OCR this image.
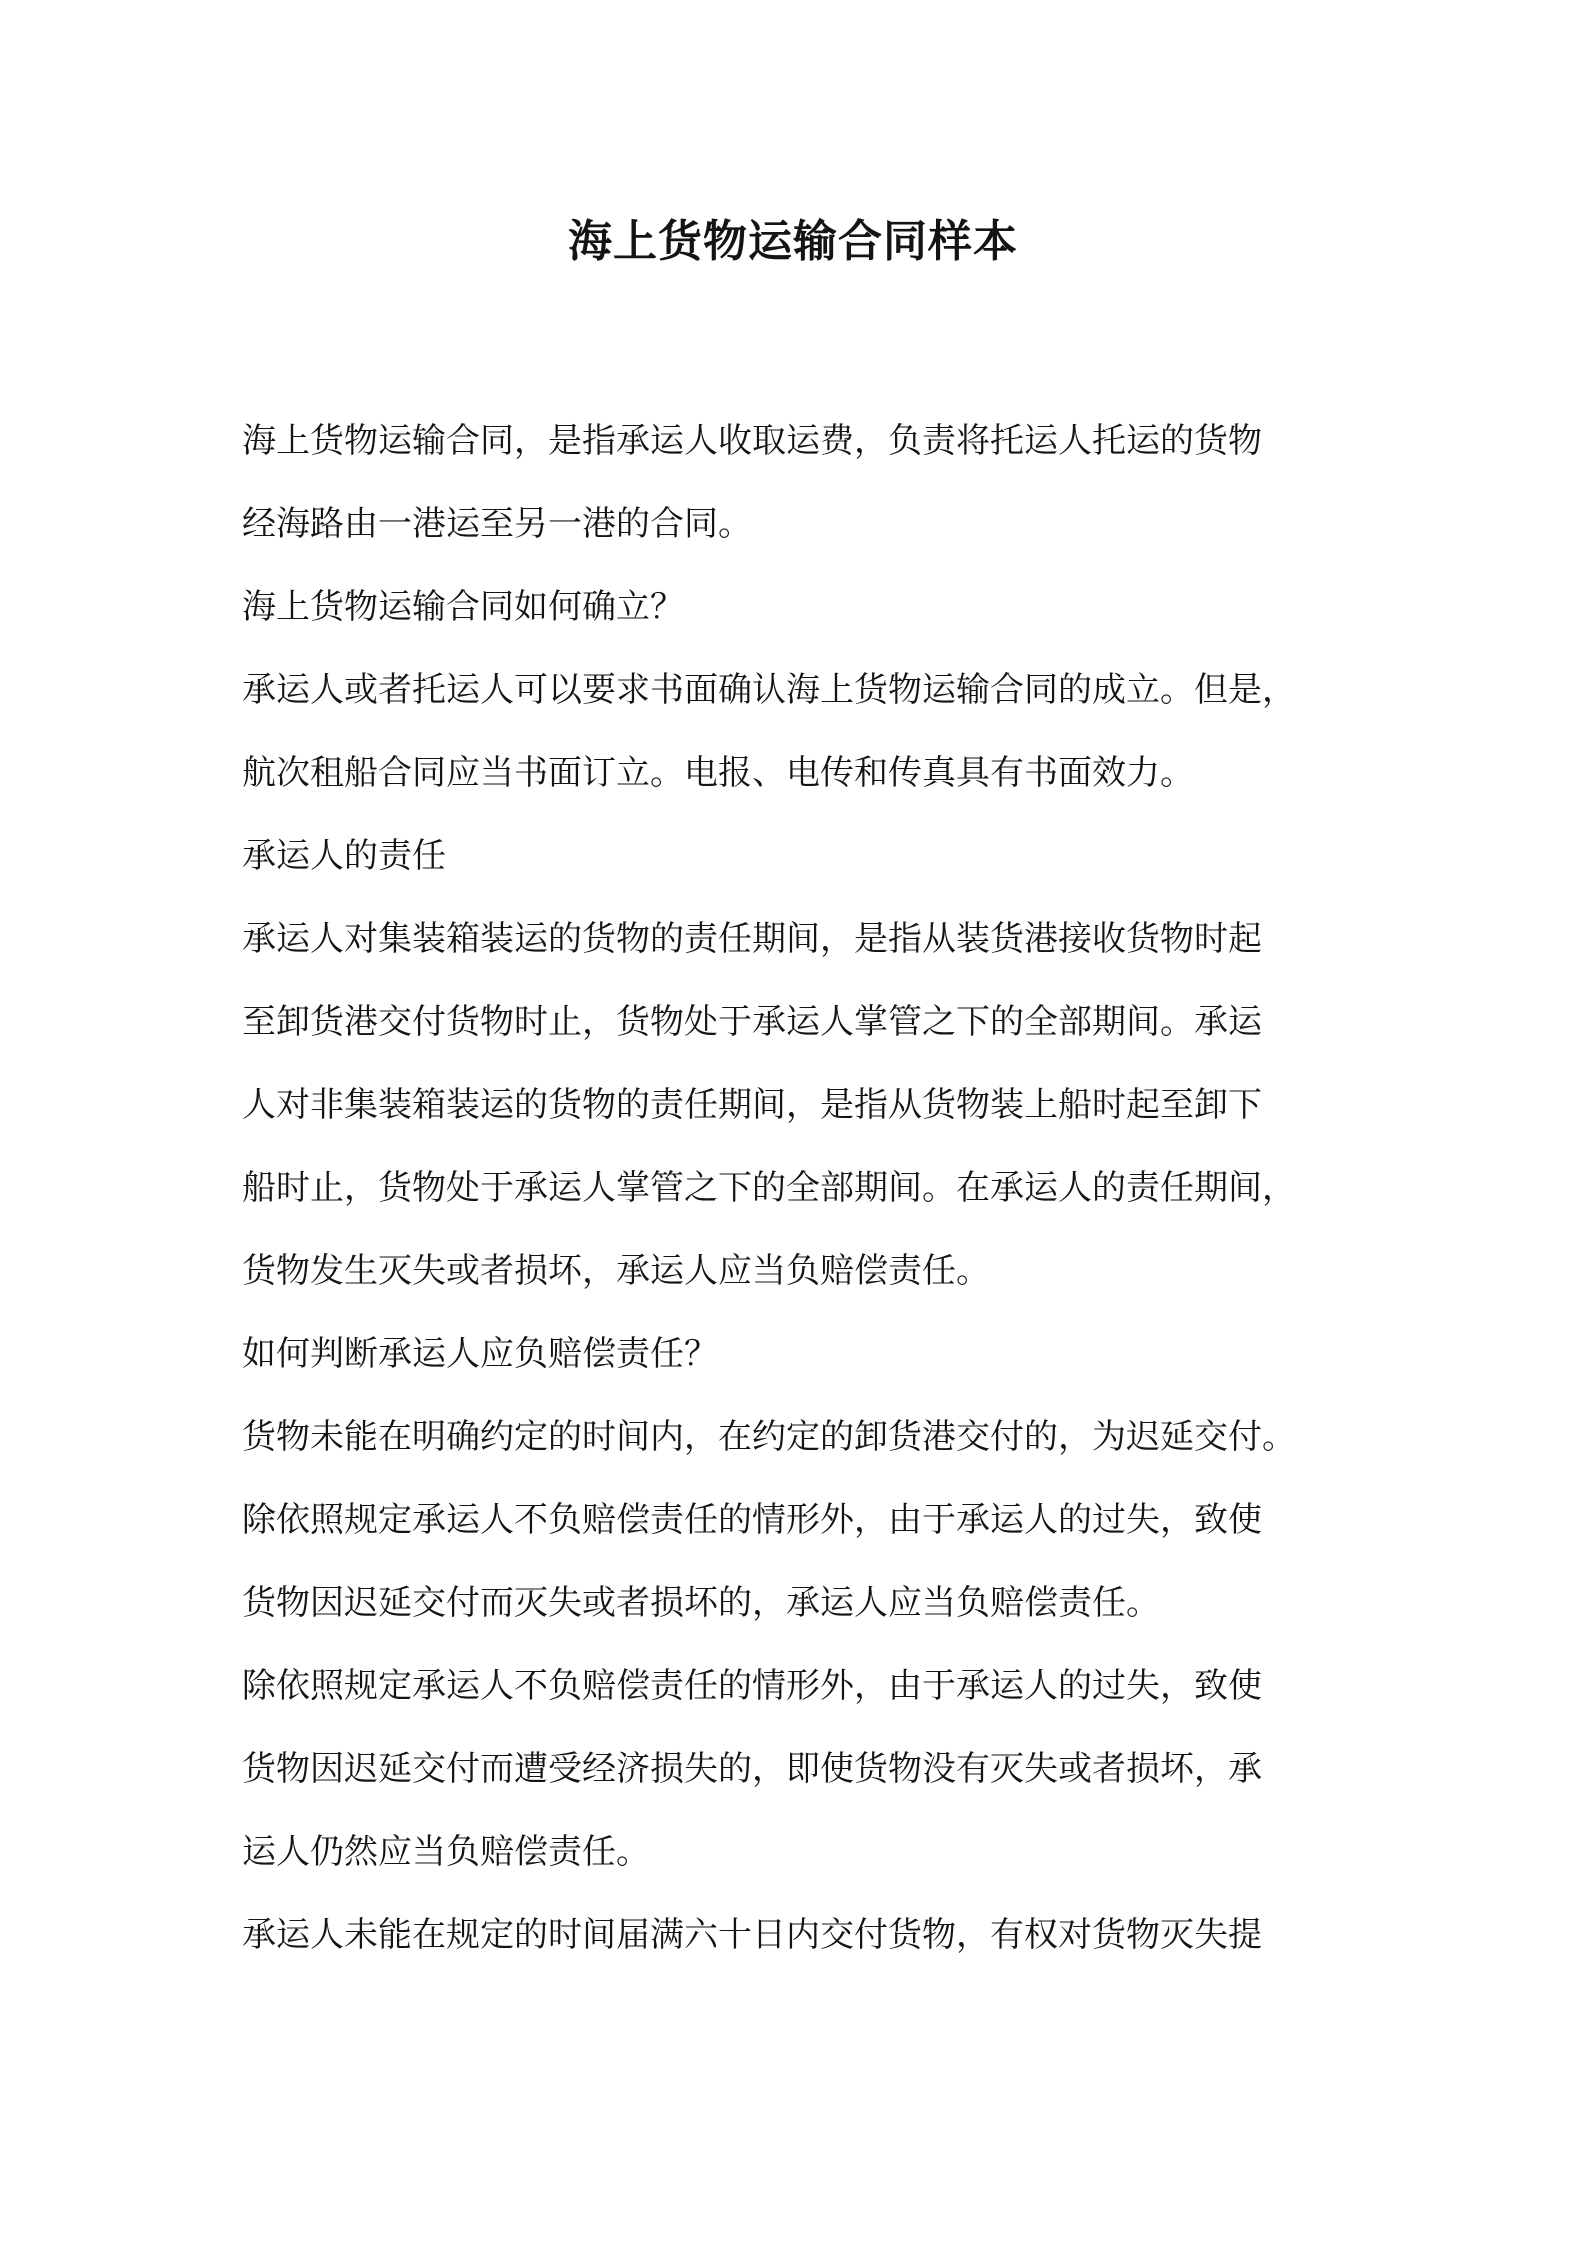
海上货物运输合同样本

海上货物运输合同，是指承运人收取运费，负责将托运人托运的货物

经海路由一港运至另一港的合同。

海上货物运输合同如何确立？

承运人或者托运人可以要求书面确认海上货物运输合同的成立。但是，

航次租船合同应当书面订立。电报、电传和传真具有书面效力。

承运人的责任

承运人对集装箱装运的货物的责任期间，是指从装货港接收货物时起

至卸货港交付货物时止，货物处于承运人掌管之下的全部期间。承运

人对非集装箱装运的货物的责任期间，是指从货物装上船时起至卸下

船时止，货物处于承运人掌管之下的全部期间。在承运人的责任期间，

货物发生灭失或者损坏，承运人应当负赔偿责任。

如何判断承运人应负赔偿责任？

货物未能在明确约定的时间内，在约定的卸货港交付的，为迟延交付。

除依照规定承运人不负赔偿责任的情形外，由于承运人的过失，致使

货物因迟延交付而灭失或者损坏的，承运人应当负赔偿责任。

除依照规定承运人不负赔偿责任的情形外，由于承运人的过失，致使

货物因迟延交付而遭受经济损失的，即使货物没有灭失或者损坏，承

运人仍然应当负赔偿责任。

承运人未能在规定的时间届满六十日内交付货物，有权对货物灭失提
